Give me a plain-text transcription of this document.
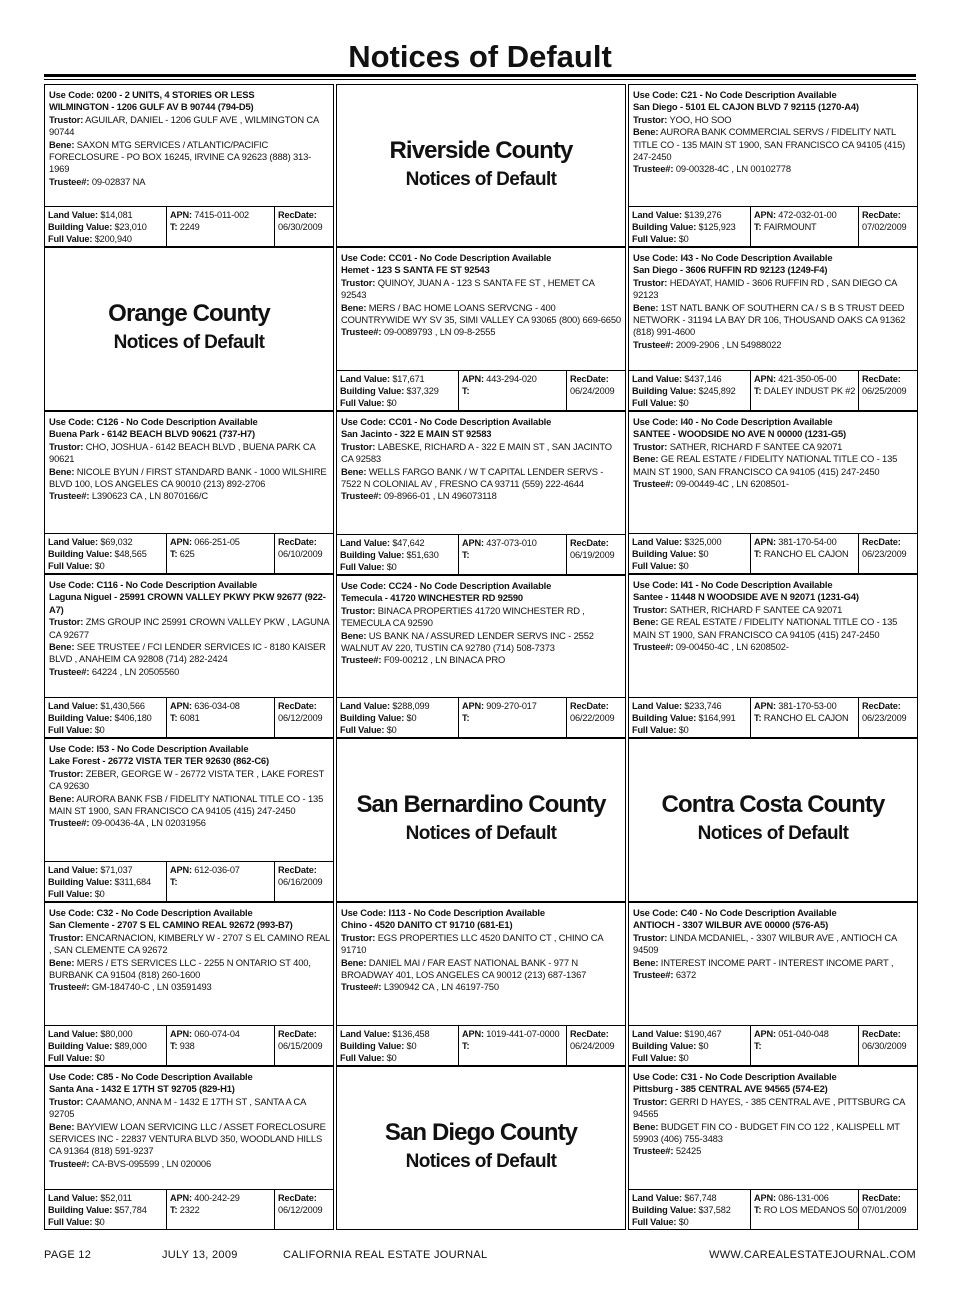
Notices of Default
Use Code: 0200 - 2 UNITS, 4 STORIES OR LESS
WILMINGTON - 1206 GULF AV B 90744 (794-D5)
Trustor: AGUILAR, DANIEL - 1206 GULF AVE , WILMINGTON CA 90744
Bene: SAXON MTG SERVICES / ATLANTIC/PACIFIC FORECLOSURE - PO BOX 16245, IRVINE CA 92623 (888) 313-1969
Trustee#: 09-02837 NA

Land Value: $14,081
Building Value: $23,010
Full Value: $200,940

APN: 7415-011-002
T: 2249

RecDate:
06/30/2009
Orange County
Notices of Default
Use Code: C126 - No Code Description Available
Buena Park - 6142 BEACH BLVD 90621 (737-H7)
Trustor: CHO, JOSHUA - 6142 BEACH BLVD , BUENA PARK CA 90621
Bene: NICOLE BYUN / FIRST STANDARD BANK - 1000 WILSHIRE BLVD 100, LOS ANGELES CA 90010 (213) 892-2706
Trustee#: L390623 CA , LN 8070166/C

Land Value: $69,032
Building Value: $48,565
Full Value: $0

APN: 066-251-05
T: 625

RecDate:
06/10/2009
Use Code: C116 - No Code Description Available
Laguna Niguel - 25991 CROWN VALLEY PKWY PKW 92677 (922-A7)
Trustor: ZMS GROUP INC 25991 CROWN VALLEY PKW , LAGUNA CA 92677
Bene: SEE TRUSTEE / FCI LENDER SERVICES IC - 8180 KAISER BLVD , ANAHEIM CA 92808 (714) 282-2424
Trustee#: 64224 , LN 20505560

Land Value: $1,430,566
Building Value: $406,180
Full Value: $0

APN: 636-034-08
T: 6081

RecDate:
06/12/2009
Use Code: I53 - No Code Description Available
Lake Forest - 26772 VISTA TER TER 92630 (862-C6)
Trustor: ZEBER, GEORGE W - 26772 VISTA TER , LAKE FOREST CA 92630
Bene: AURORA BANK FSB / FIDELITY NATIONAL TITLE CO - 135 MAIN ST 1900, SAN FRANCISCO CA 94105 (415) 247-2450
Trustee#: 09-00436-4A , LN 02031956

Land Value: $71,037
Building Value: $311,684
Full Value: $0

APN: 612-036-07
T:

RecDate:
06/16/2009
Use Code: C32 - No Code Description Available
San Clemente - 2707 S EL CAMINO REAL 92672 (993-B7)
Trustor: ENCARNACION, KIMBERLY W - 2707 S EL CAMINO REAL , SAN CLEMENTE CA 92672
Bene: MERS / ETS SERVICES LLC - 2255 N ONTARIO ST 400, BURBANK CA 91504 (818) 260-1600
Trustee#: GM-184740-C , LN 03591493

Land Value: $80,000
Building Value: $89,000
Full Value: $0

APN: 060-074-04
T: 938

RecDate:
06/15/2009
Use Code: C85 - No Code Description Available
Santa Ana - 1432 E 17TH ST 92705 (829-H1)
Trustor: CAAMANO, ANNA M - 1432 E 17TH ST , SANTA A CA 92705
Bene: BAYVIEW LOAN SERVICING LLC / ASSET FORECLOSURE SERVICES INC - 22837 VENTURA BLVD 350, WOODLAND HILLS CA 91364 (818) 591-9237
Trustee#: CA-BVS-095599 , LN 020006

Land Value: $52,011
Building Value: $57,784
Full Value: $0

APN: 400-242-29
T: 2322

RecDate:
06/12/2009
Riverside County
Notices of Default
Use Code: CC01 - No Code Description Available
Hemet - 123 S SANTA FE ST 92543
Trustor: QUINOY, JUAN A - 123 S SANTA FE ST , HEMET CA 92543
Bene: MERS / BAC HOME LOANS SERVCNG - 400 COUNTRYWIDE WY SV 35, SIMI VALLEY CA 93065 (800) 669-6650
Trustee#: 09-0089793 , LN 09-8-2555

Land Value: $17,671
Building Value: $37,329
Full Value: $0

APN: 443-294-020
T:

RecDate:
06/24/2009
Use Code: CC01 - No Code Description Available
San Jacinto - 322 E MAIN ST 92583
Trustor: LABESKE, RICHARD A - 322 E MAIN ST , SAN JACINTO CA 92583
Bene: WELLS FARGO BANK / W T CAPITAL LENDER SERVS - 7522 N COLONIAL AV , FRESNO CA 93711 (559) 222-4644
Trustee#: 09-8966-01 , LN 496073118

Land Value: $47,642
Building Value: $51,630
Full Value: $0

APN: 437-073-010
T:

RecDate:
06/19/2009
Use Code: CC24 - No Code Description Available
Temecula - 41720 WINCHESTER RD 92590
Trustor: BINACA PROPERTIES 41720 WINCHESTER RD , TEMECULA CA 92590
Bene: US BANK NA / ASSURED LENDER SERVS INC - 2552 WALNUT AV 220, TUSTIN CA 92780 (714) 508-7373
Trustee#: F09-00212 , LN BINACA PRO

Land Value: $288,099
Building Value: $0
Full Value: $0

APN: 909-270-017
T:

RecDate:
06/22/2009
San Bernardino County
Notices of Default
Use Code: I113 - No Code Description Available
Chino - 4520 DANITO CT 91710 (681-E1)
Trustor: EGS PROPERTIES LLC 4520 DANITO CT , CHINO CA 91710
Bene: DANIEL MAI / FAR EAST NATIONAL BANK - 977 N BROADWAY 401, LOS ANGELES CA 90012 (213) 687-1367
Trustee#: L390942 CA , LN 46197-750

Land Value: $136,458
Building Value: $0
Full Value: $0

APN: 1019-441-07-0000
T:

RecDate:
06/24/2009
San Diego County
Notices of Default
Use Code: C21 - No Code Description Available
San Diego - 5101 EL CAJON BLVD 7 92115 (1270-A4)
Trustor: YOO, HO SOO
Bene: AURORA BANK COMMERCIAL SERVS / FIDELITY NATL TITLE CO - 135 MAIN ST 1900, SAN FRANCISCO CA 94105 (415) 247-2450
Trustee#: 09-00328-4C , LN 00102778

Land Value: $139,276
Building Value: $125,923
Full Value: $0

APN: 472-032-01-00
T: FAIRMOUNT

RecDate:
07/02/2009
Use Code: I43 - No Code Description Available
San Diego - 3606 RUFFIN RD 92123 (1249-F4)
Trustor: HEDAYAT, HAMID - 3606 RUFFIN RD , SAN DIEGO CA 92123
Bene: 1ST NATL BANK OF SOUTHERN CA / S B S TRUST DEED NETWORK - 31194 LA BAY DR 106, THOUSAND OAKS CA 91362 (818) 991-4600
Trustee#: 2009-2906 , LN 54988022

Land Value: $437,146
Building Value: $245,892
Full Value: $0

APN: 421-350-05-00
T: DALEY INDUST PK #2

RecDate:
06/25/2009
Use Code: I40 - No Code Description Available
SANTEE - WOODSIDE NO AVE N 00000 (1231-G5)
Trustor: SATHER, RICHARD F SANTEE CA 92071
Bene: GE REAL ESTATE / FIDELITY NATIONAL TITLE CO - 135 MAIN ST 1900, SAN FRANCISCO CA 94105 (415) 247-2450
Trustee#: 09-00449-4C , LN 6208501-

Land Value: $325,000
Building Value: $0
Full Value: $0

APN: 381-170-54-00
T: RANCHO EL CAJON

RecDate:
06/23/2009
Use Code: I41 - No Code Description Available
Santee - 11448 N WOODSIDE AVE N 92071 (1231-G4)
Trustor: SATHER, RICHARD F SANTEE CA 92071
Bene: GE REAL ESTATE / FIDELITY NATIONAL TITLE CO - 135 MAIN ST 1900, SAN FRANCISCO CA 94105 (415) 247-2450
Trustee#: 09-00450-4C , LN 6208502-

Land Value: $233,746
Building Value: $164,991
Full Value: $0

APN: 381-170-53-00
T: RANCHO EL CAJON

RecDate:
06/23/2009
Contra Costa County
Notices of Default
Use Code: C40 - No Code Description Available
ANTIOCH - 3307 WILBUR AVE 00000 (576-A5)
Trustor: LINDA MCDANIEL, - 3307 WILBUR AVE , ANTIOCH CA 94509
Bene: INTEREST INCOME PART - INTEREST INCOME PART ,
Trustee#: 6372

Land Value: $190,467
Building Value: $0
Full Value: $0

APN: 051-040-048
T:

RecDate:
06/30/2009
Use Code: C31 - No Code Description Available
Pittsburg - 385 CENTRAL AVE 94565 (574-E2)
Trustor: GERRI D HAYES, - 385 CENTRAL AVE , PITTSBURG CA 94565
Bene: BUDGET FIN CO - BUDGET FIN CO 122 , KALISPELL MT 59903 (406) 755-3483
Trustee#: 52425

Land Value: $67,748
Building Value: $37,582
Full Value: $0

APN: 086-131-006
T: RO LOS MEDANOS 50

RecDate:
07/01/2009
PAGE 12	JULY 13, 2009	CALIFORNIA REAL ESTATE JOURNAL	WWW.CAREALESTATEJOURNAL.COM
